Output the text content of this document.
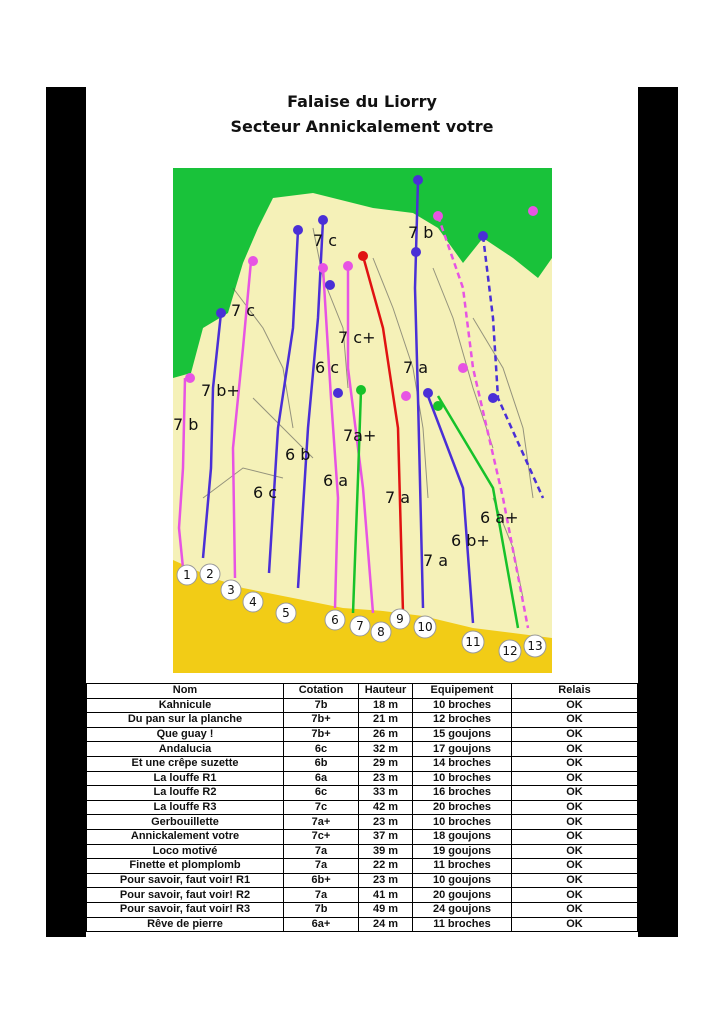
Falaise du Liorry
Secteur Annickalement votre
7 b
7 b+
7 c
7 c	7 b
7 c+
6 c	7 a
7a+
6 b
6 c
6 a
7 a
7 a
6 b+
6 a+
1 2
3
4
5	6 7 8
9
10
11
12 13
Nom	Cotation	Hauteur	Equipement	Relais
Kahnicule	7b	18 m	10 broches	OK
Du pan sur la planche	7b+	21 m	12 broches	OK
Que guay !	7b+	26 m	15 goujons	OK
Andalucia	6c	32 m	17 goujons	OK
Et une crêpe suzette	6b	29 m	14 broches	OK
La louffe R1	6a	23 m	10 broches	OK
La louffe R2	6c	33 m	16 broches	OK
La louffe R3	7c	42 m	20 broches	OK
Gerbouillette	7a+	23 m	10 broches	OK
Annickalement votre	7c+	37 m	18 goujons	OK
Loco motivé	7a	39 m	19 goujons	OK
Finette et plomplomb	7a	22 m	11 broches	OK
Pour savoir, faut voir! R1	6b+	23 m	10 goujons	OK
Pour savoir, faut voir! R2	7a	41 m	20 goujons	OK
Pour savoir, faut voir! R3	7b	49 m	24 goujons	OK
Rêve de pierre	6a+	24 m	11 broches	OK
